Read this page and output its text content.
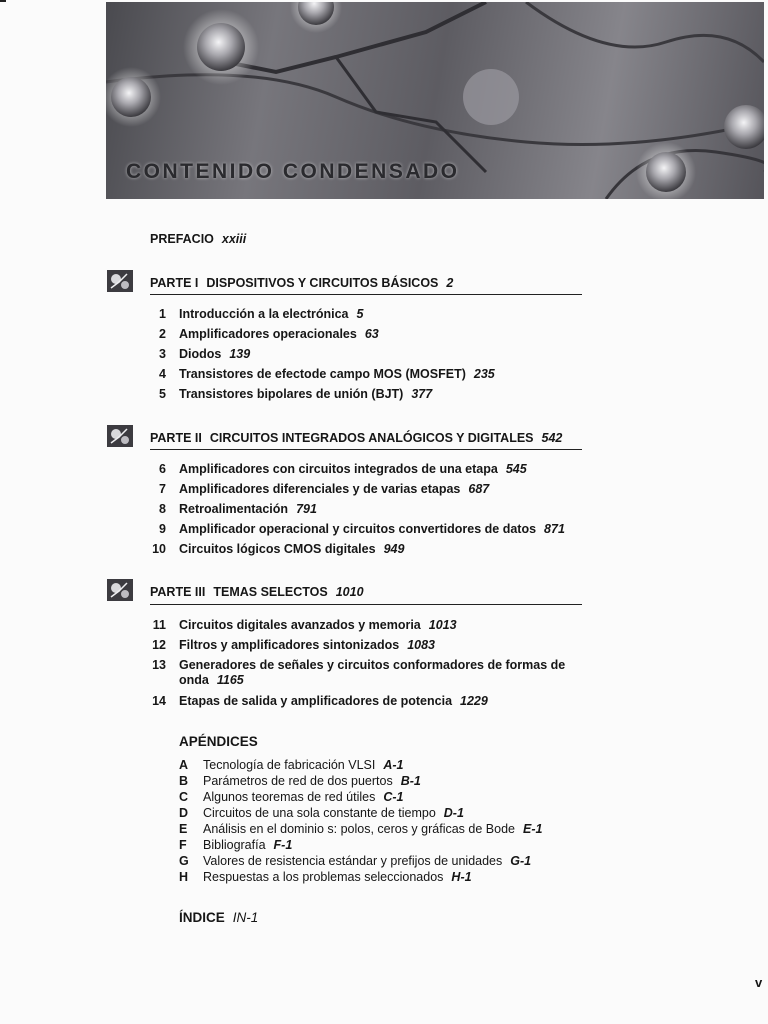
CONTENIDO CONDENSADO
PREFACIO xxiii
PARTE I DISPOSITIVOS Y CIRCUITOS BÁSICOS 2
1 Introducción a la electrónica 5
2 Amplificadores operacionales 63
3 Diodos 139
4 Transistores de efectode campo MOS (MOSFET) 235
5 Transistores bipolares de unión (BJT) 377
PARTE II CIRCUITOS INTEGRADOS ANALÓGICOS Y DIGITALES 542
6 Amplificadores con circuitos integrados de una etapa 545
7 Amplificadores diferenciales y de varias etapas 687
8 Retroalimentación 791
9 Amplificador operacional y circuitos convertidores de datos 871
10 Circuitos lógicos CMOS digitales 949
PARTE III TEMAS SELECTOS 1010
11 Circuitos digitales avanzados y memoria 1013
12 Filtros y amplificadores sintonizados 1083
13 Generadores de señales y circuitos conformadores de formas de onda 1165
14 Etapas de salida y amplificadores de potencia 1229
APÉNDICES
A	Tecnología de fabricación VLSI A-1
B	Parámetros de red de dos puertos B-1
C	Algunos teoremas de red útiles C-1
D	Circuitos de una sola constante de tiempo D-1
E	Análisis en el dominio s: polos, ceros y gráficas de Bode E-1
F	Bibliografía F-1
G	Valores de resistencia estándar y prefijos de unidades G-1
H	Respuestas a los problemas seleccionados H-1
ÍNDICE IN-1
v
